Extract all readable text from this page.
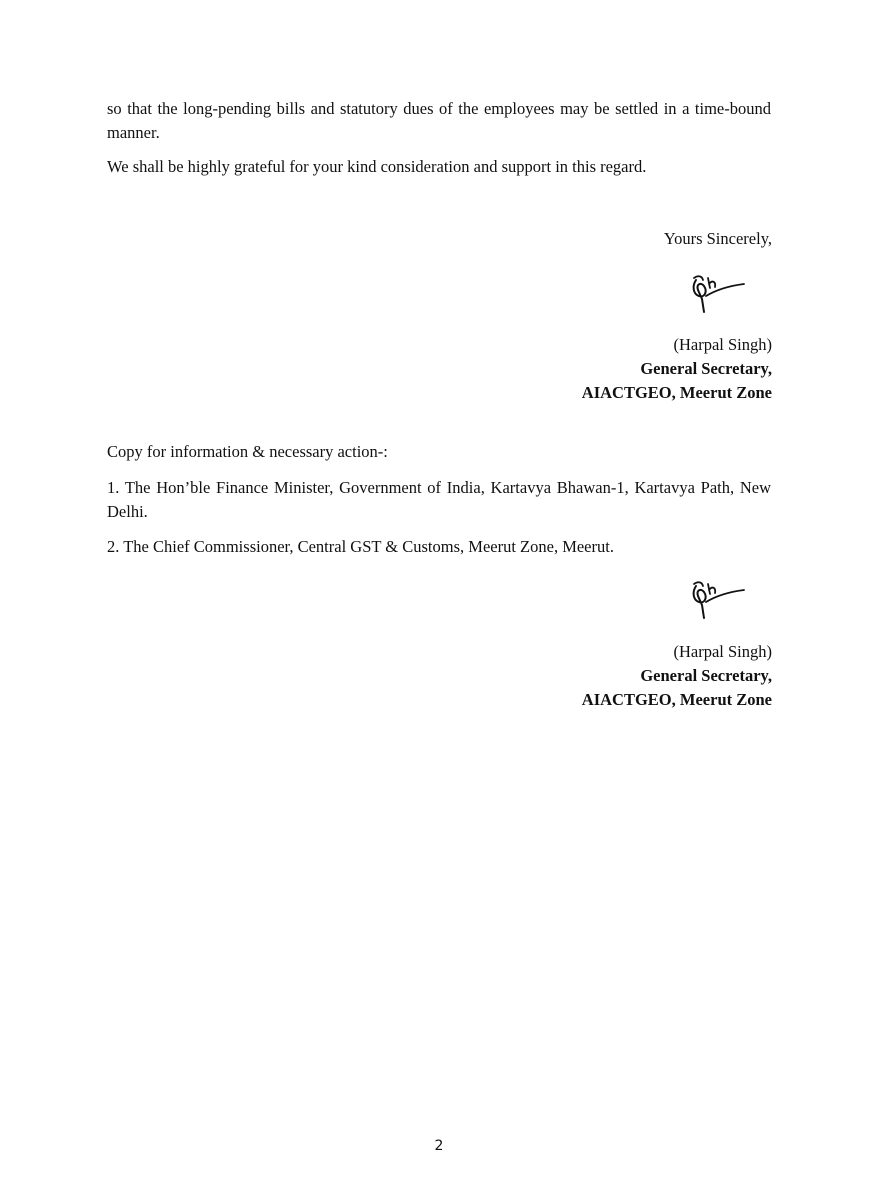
so that the long-pending bills and statutory dues of the employees may be settled in a time-bound manner.

We shall be highly grateful for your kind consideration and support in this regard.

Yours Sincerely,
(Harpal Singh)
General Secretary,
AIACTGEO, Meerut Zone

Copy for information & necessary action-:

1. The Hon’ble Finance Minister, Government of India, Kartavya Bhawan-1, Kartavya Path, New Delhi.

2. The Chief Commissioner, Central GST & Customs, Meerut Zone, Meerut.

(Harpal Singh)
General Secretary,
AIACTGEO, Meerut Zone
2
